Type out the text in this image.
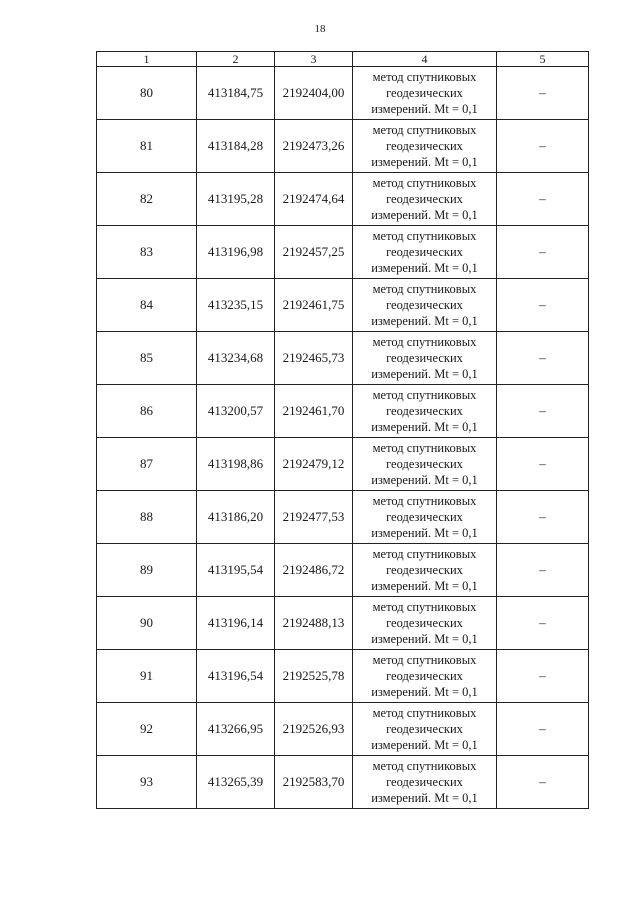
18
1	2	3	4	5
80	413184,75	2192404,00	метод спутниковых
геодезических
измерений. Mt = 0,1	–
81	413184,28	2192473,26	метод спутниковых
геодезических
измерений. Mt = 0,1	–
82	413195,28	2192474,64	метод спутниковых
геодезических
измерений. Mt = 0,1	–
83	413196,98	2192457,25	метод спутниковых
геодезических
измерений. Mt = 0,1	–
84	413235,15	2192461,75	метод спутниковых
геодезических
измерений. Mt = 0,1	–
85	413234,68	2192465,73	метод спутниковых
геодезических
измерений. Mt = 0,1	–
86	413200,57	2192461,70	метод спутниковых
геодезических
измерений. Mt = 0,1	–
87	413198,86	2192479,12	метод спутниковых
геодезических
измерений. Mt = 0,1	–
88	413186,20	2192477,53	метод спутниковых
геодезических
измерений. Mt = 0,1	–
89	413195,54	2192486,72	метод спутниковых
геодезических
измерений. Mt = 0,1	–
90	413196,14	2192488,13	метод спутниковых
геодезических
измерений. Mt = 0,1	–
91	413196,54	2192525,78	метод спутниковых
геодезических
измерений. Mt = 0,1	–
92	413266,95	2192526,93	метод спутниковых
геодезических
измерений. Mt = 0,1	–
93	413265,39	2192583,70	метод спутниковых
геодезических
измерений. Mt = 0,1	–
